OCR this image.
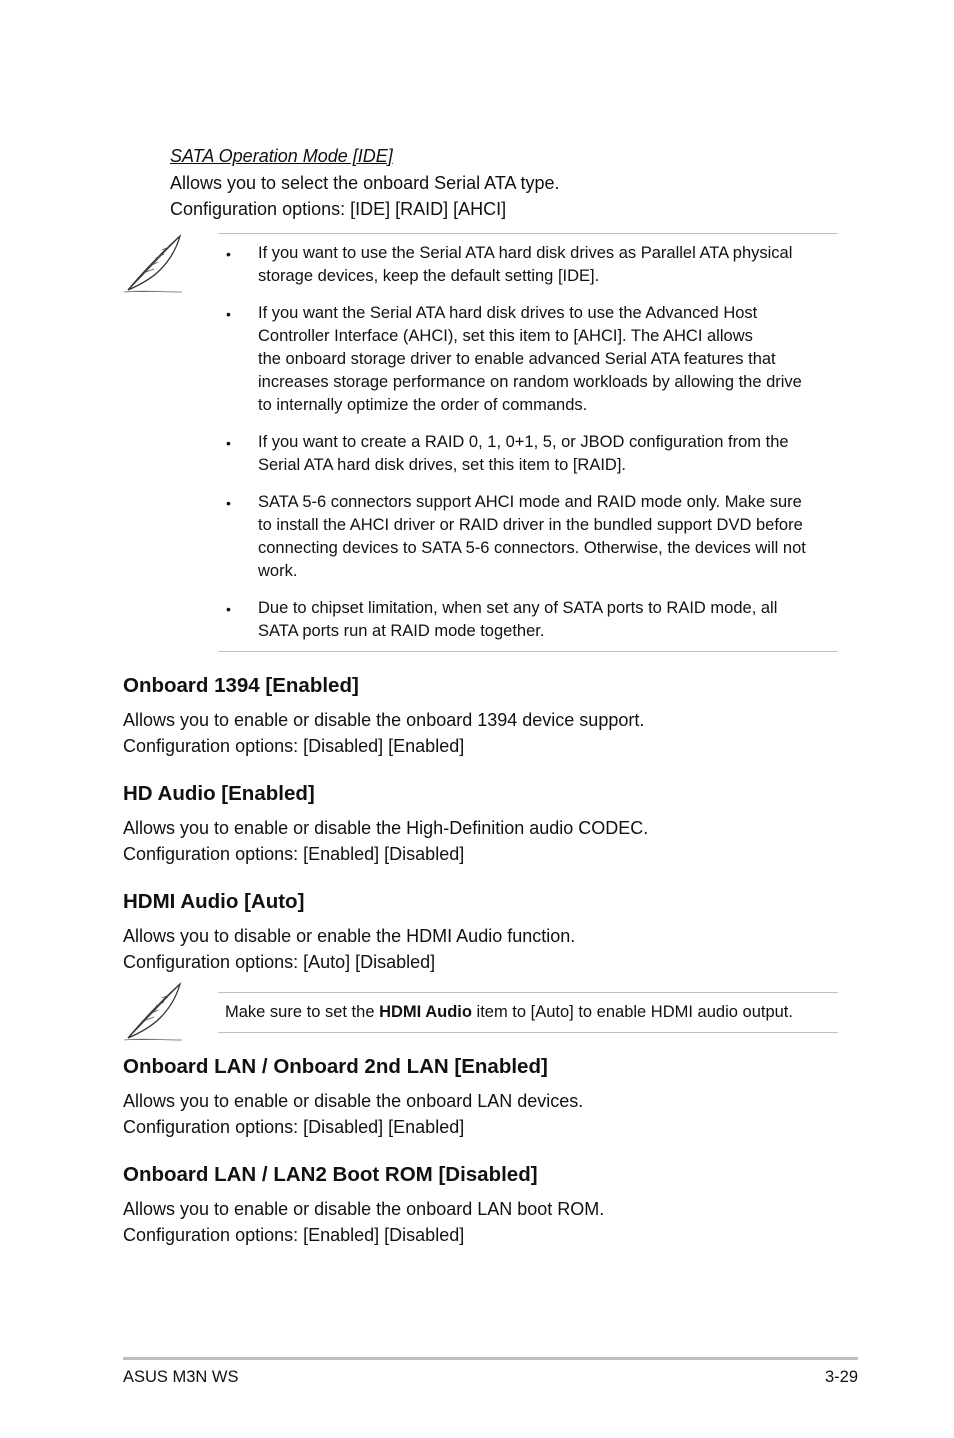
SATA Operation Mode [IDE]
Allows you to select the onboard Serial ATA type.
Configuration options: [IDE] [RAID] [AHCI]
• If you want to use the Serial ATA hard disk drives as Parallel ATA physical
storage devices, keep the default setting [IDE].
• If you want the Serial ATA hard disk drives to use the Advanced Host
Controller Interface (AHCI), set this item to [AHCI]. The AHCI allows
the onboard storage driver to enable advanced Serial ATA features that
increases storage performance on random workloads by allowing the drive
to internally optimize the order of commands.
• If you want to create a RAID 0, 1, 0+1, 5, or JBOD configuration from the
Serial ATA hard disk drives, set this item to [RAID].
• SATA 5-6 connectors support AHCI mode and RAID mode only. Make sure
to install the AHCI driver or RAID driver in the bundled support DVD before
connecting devices to SATA 5-6 connectors. Otherwise, the devices will not
work.
• Due to chipset limitation, when set any of SATA ports to RAID mode, all
SATA ports run at RAID mode together.
Onboard 1394 [Enabled]
Allows you to enable or disable the onboard 1394 device support.
Configuration options: [Disabled] [Enabled]
HD Audio [Enabled]
Allows you to enable or disable the High-Definition audio CODEC.
Configuration options: [Enabled] [Disabled]
HDMI Audio [Auto]
Allows you to disable or enable the HDMI Audio function.
Configuration options: [Auto] [Disabled]
Make sure to set the HDMI Audio item to [Auto] to enable HDMI audio output.
Onboard LAN / Onboard 2nd LAN [Enabled]
Allows you to enable or disable the onboard LAN devices.
Configuration options: [Disabled] [Enabled]
Onboard LAN / LAN2 Boot ROM [Disabled]
Allows you to enable or disable the onboard LAN boot ROM.
Configuration options: [Enabled] [Disabled]
ASUS M3N WS	3-29
